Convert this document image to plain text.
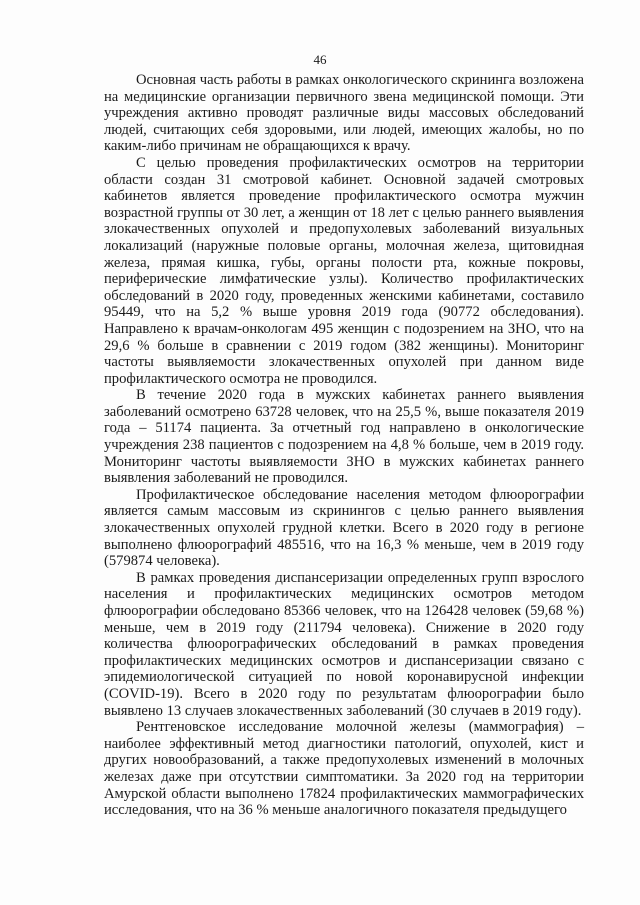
46

Основная часть работы в рамках онкологического скрининга возложена на медицинские организации первичного звена медицинской помощи. Эти учреждения активно проводят различные виды массовых обследований людей, считающих себя здоровыми, или людей, имеющих жалобы, но по каким-либо причинам не обращающихся к врачу.

С целью проведения профилактических осмотров на территории области создан 31 смотровой кабинет. Основной задачей смотровых кабинетов является проведение профилактического осмотра мужчин возрастной группы от 30 лет, а женщин от 18 лет с целью раннего выявления злокачественных опухолей и предопухолевых заболеваний визуальных локализаций (наружные половые органы, молочная железа, щитовидная железа, прямая кишка, губы, органы полости рта, кожные покровы, периферические лимфатические узлы). Количество профилактических обследований в 2020 году, проведенных женскими кабинетами, составило 95449, что на 5,2 % выше уровня 2019 года (90772 обследования). Направлено к врачам-онкологам 495 женщин с подозрением на ЗНО, что на 29,6 % больше в сравнении с 2019 годом (382 женщины). Мониторинг частоты выявляемости злокачественных опухолей при данном виде профилактического осмотра не проводился.

В течение 2020 года в мужских кабинетах раннего выявления заболеваний осмотрено 63728 человек, что на 25,5 %, выше показателя 2019 года – 51174 пациента. За отчетный год направлено в онкологические учреждения 238 пациентов с подозрением на 4,8 % больше, чем в 2019 году. Мониторинг частоты выявляемости ЗНО в мужских кабинетах раннего выявления заболеваний не проводился.

Профилактическое обследование населения методом флюорографии является самым массовым из скринингов с целью раннего выявления злокачественных опухолей грудной клетки. Всего в 2020 году в регионе выполнено флюорографий 485516, что на 16,3 % меньше, чем в 2019 году (579874 человека).

В рамках проведения диспансеризации определенных групп взрослого населения и профилактических медицинских осмотров методом флюорографии обследовано 85366 человек, что на 126428 человек (59,68 %) меньше, чем в 2019 году (211794 человека). Снижение в 2020 году количества флюорографических обследований в рамках проведения профилактических медицинских осмотров и диспансеризации связано с эпидемиологической ситуацией по новой коронавирусной инфекции (COVID-19). Всего в 2020 году по результатам флюорографии было выявлено 13 случаев злокачественных заболеваний (30 случаев в 2019 году).

Рентгеновское исследование молочной железы (маммография) – наиболее эффективный метод диагностики патологий, опухолей, кист и других новообразований, а также предопухолевых изменений в молочных железах даже при отсутствии симптоматики. За 2020 год на территории Амурской области выполнено 17824 профилактических маммографических исследования, что на 36 % меньше аналогичного показателя предыдущего
